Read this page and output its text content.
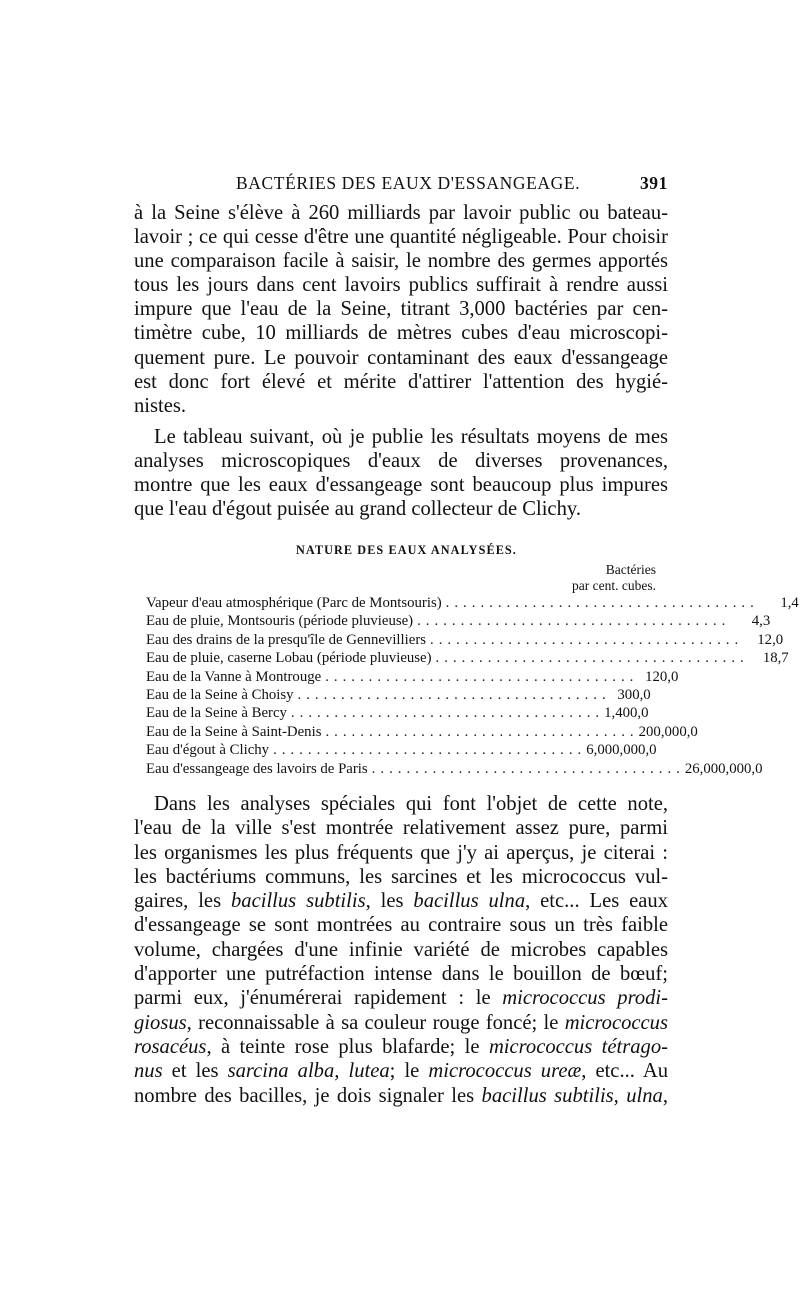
BACTÉRIES DES EAUX D'ESSANGEAGE.	391

à la Seine s'élève à 260 milliards par lavoir public ou bateau-
lavoir ; ce qui cesse d'être une quantité négligeable. Pour choisir
une comparaison facile à saisir, le nombre des germes apportés
tous les jours dans cent lavoirs publics suffirait à rendre aussi
impure que l'eau de la Seine, titrant 3,000 bactéries par cen-
timètre cube, 10 milliards de mètres cubes d'eau microscopi-
quement pure. Le pouvoir contaminant des eaux d'essangeage
est donc fort élevé et mérite d'attirer l'attention des hygié-
nistes.

Le tableau suivant, où je publie les résultats moyens de mes
analyses microscopiques d'eaux de diverses provenances,
montre que les eaux d'essangeage sont beaucoup plus impures
que l'eau d'égout puisée au grand collecteur de Clichy.

NATURE DES EAUX ANALYSÉES.
Bactéries
par cent. cubes.
Vapeur d'eau atmosphérique (Parc de Montsouris) ....................................	1,4
Eau de pluie, Montsouris (période pluvieuse) ....................................	4,3
Eau des drains de la presqu'île de Gennevilliers .................................... 12,0
Eau de pluie, caserne Lobau (période pluvieuse) .................................... 18,7
Eau de la Vanne à Montrouge .................................... 120,0
Eau de la Seine à Choisy .................................... 300,0
Eau de la Seine à Bercy .................................... 1,400,0
Eau de la Seine à Saint-Denis .................................... 200,000,0
Eau d'égout à Clichy .................................... 6,000,000,0
Eau d'essangeage des lavoirs de Paris .................................... 26,000,000,0

Dans les analyses spéciales qui font l'objet de cette note,
l'eau de la ville s'est montrée relativement assez pure, parmi
les organismes les plus fréquents que j'y ai aperçus, je citerai :
les bactériums communs, les sarcines et les micrococcus vul-
gaires, les bacillus subtilis, les bacillus ulna, etc... Les eaux
d'essangeage se sont montrées au contraire sous un très faible
volume, chargées d'une infinie variété de microbes capables
d'apporter une putréfaction intense dans le bouillon de bœuf;
parmi eux, j'énumérerai rapidement : le micrococcus prodi-
giosus, reconnaissable à sa couleur rouge foncé; le micrococcus
rosacéus, à teinte rose plus blafarde; le micrococcus tétrago-
nus et les sarcina alba, lutea; le micrococcus ureæ, etc... Au
nombre des bacilles, je dois signaler les bacillus subtilis, ulna,
